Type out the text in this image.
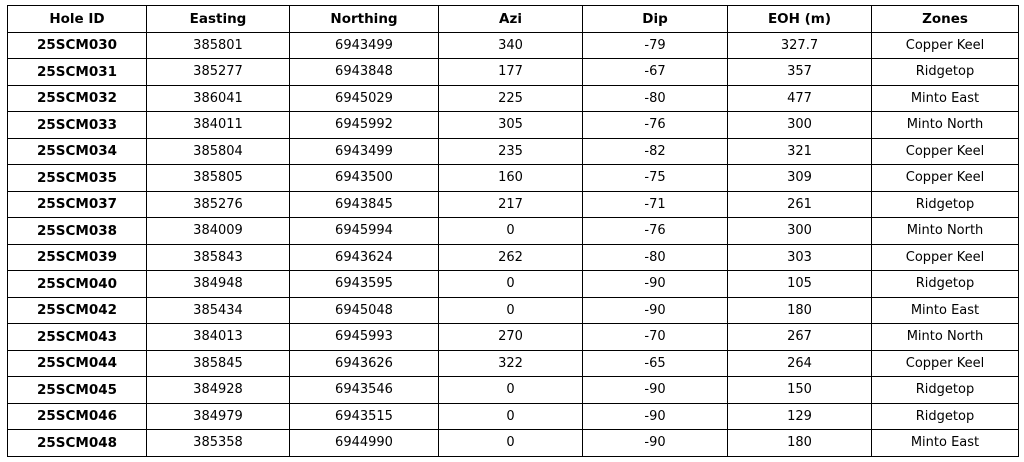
Hole ID	Easting	Northing	Azi	Dip	EOH (m)	Zones
25SCM030	385801	6943499	340	-79	327.7	Copper Keel
25SCM031	385277	6943848	177	-67	357	Ridgetop
25SCM032	386041	6945029	225	-80	477	Minto East
25SCM033	384011	6945992	305	-76	300	Minto North
25SCM034	385804	6943499	235	-82	321	Copper Keel
25SCM035	385805	6943500	160	-75	309	Copper Keel
25SCM037	385276	6943845	217	-71	261	Ridgetop
25SCM038	384009	6945994	0	-76	300	Minto North
25SCM039	385843	6943624	262	-80	303	Copper Keel
25SCM040	384948	6943595	0	-90	105	Ridgetop
25SCM042	385434	6945048	0	-90	180	Minto East
25SCM043	384013	6945993	270	-70	267	Minto North
25SCM044	385845	6943626	322	-65	264	Copper Keel
25SCM045	384928	6943546	0	-90	150	Ridgetop
25SCM046	384979	6943515	0	-90	129	Ridgetop
25SCM048	385358	6944990	0	-90	180	Minto East
